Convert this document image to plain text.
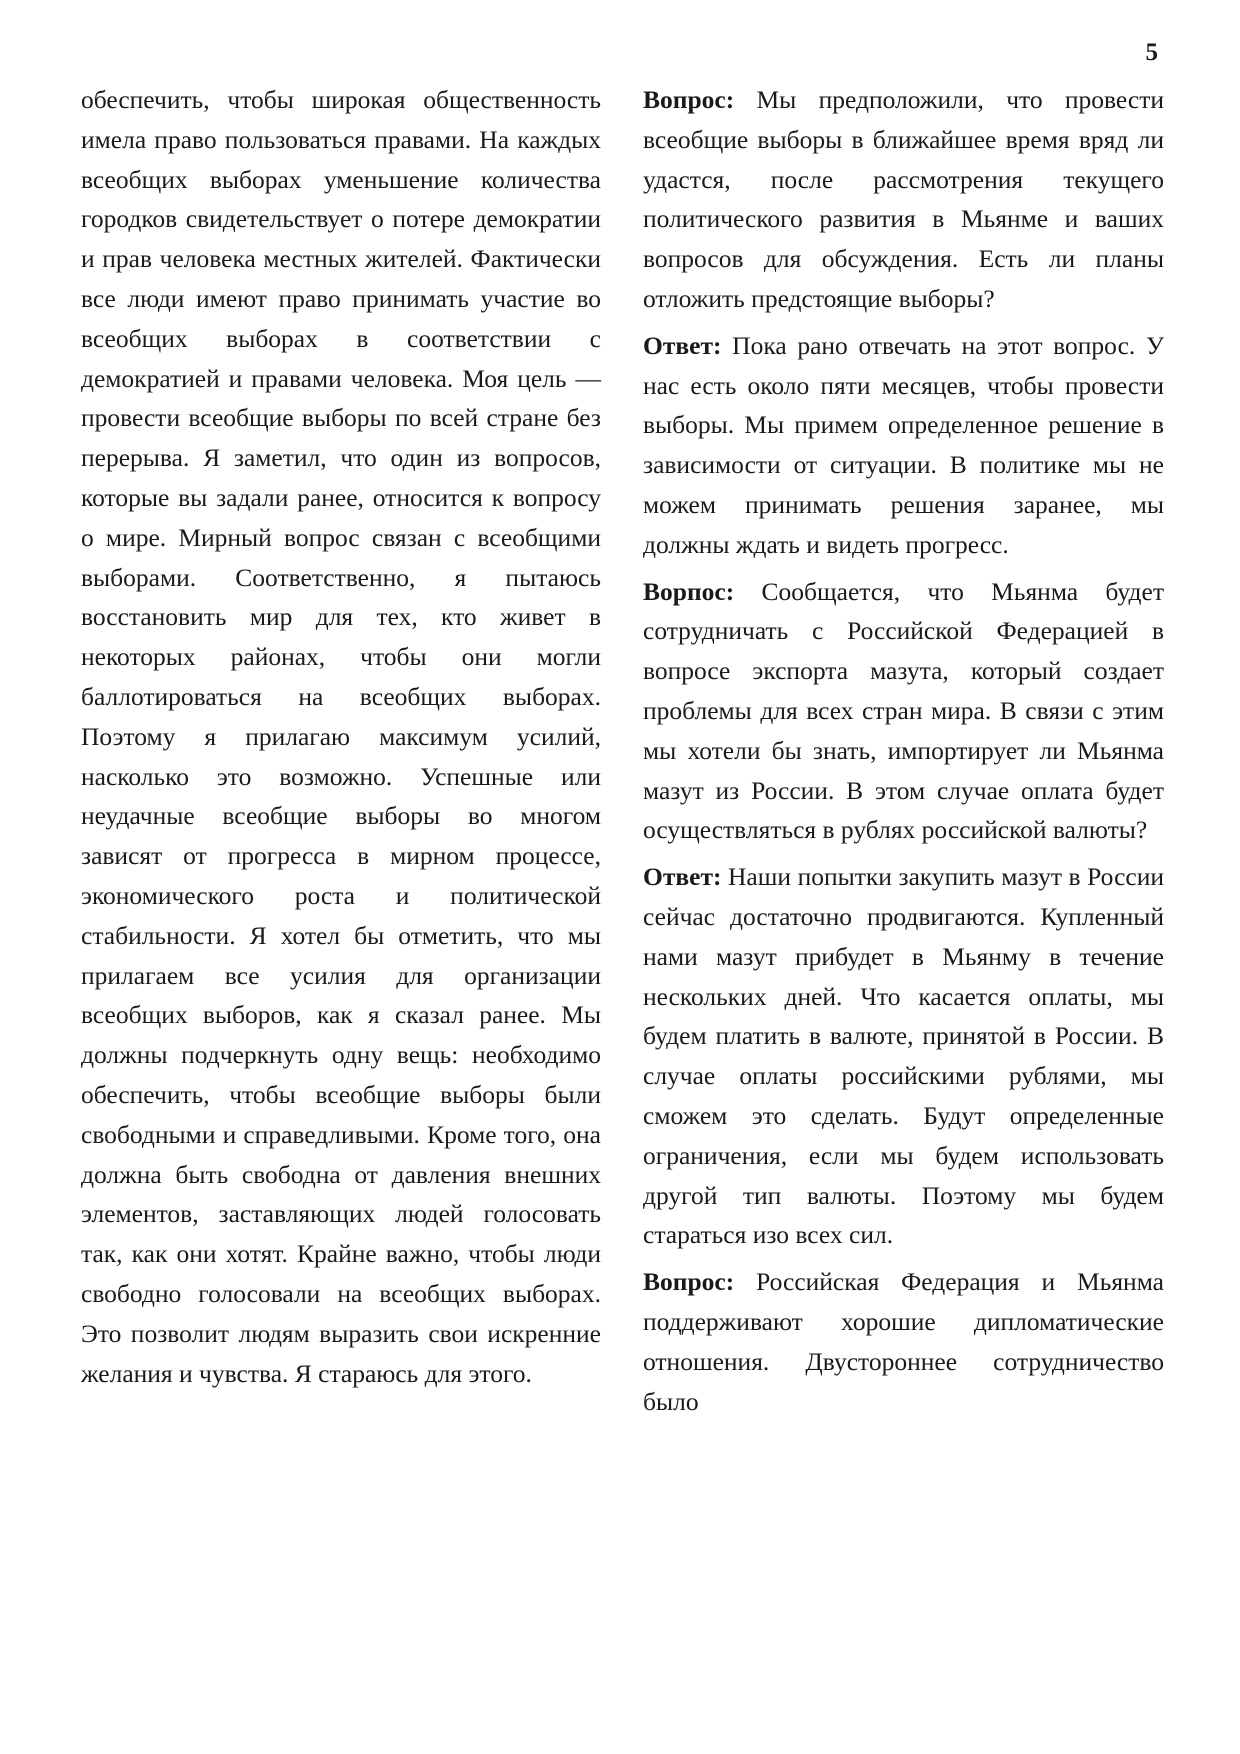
5

обеспечить, чтобы широкая общественность имела право пользоваться правами. На каждых всеобщих выборах уменьшение количества городков свидетельствует о потере демократии и прав человека местных жителей. Фактически все люди имеют право принимать участие во всеобщих выборах в соответствии с демократией и правами человека. Моя цель — провести всеобщие выборы по всей стране без перерыва. Я заметил, что один из вопросов, которые вы задали ранее, относится к вопросу о мире. Мирный вопрос связан с всеобщими выборами. Соответственно, я пытаюсь восстановить мир для тех, кто живет в некоторых районах, чтобы они могли баллотироваться на всеобщих выборах. Поэтому я прилагаю максимум усилий, насколько это возможно. Успешные или неудачные всеобщие выборы во многом зависят от прогресса в мирном процессе, экономического роста и политической стабильности. Я хотел бы отметить, что мы прилагаем все усилия для организации всеобщих выборов, как я сказал ранее. Мы должны подчеркнуть одну вещь: необходимо обеспечить, чтобы всеобщие выборы были свободными и справедливыми. Кроме того, она должна быть свободна от давления внешних элементов, заставляющих людей голосовать так, как они хотят. Крайне важно, чтобы люди свободно голосовали на всеобщих выборах. Это позволит людям выразить свои искренние желания и чувства. Я стараюсь для этого.

Вопрос: Мы предположили, что провести всеобщие выборы в ближайшее время вряд ли удастся, после рассмотрения текущего политического развития в Мьянме и ваших вопросов для обсуждения. Есть ли планы отложить предстоящие выборы?

Ответ: Пока рано отвечать на этот вопрос. У нас есть около пяти месяцев, чтобы провести выборы. Мы примем определенное решение в зависимости от ситуации. В политике мы не можем принимать решения заранее, мы должны ждать и видеть прогресс.

Ворпос: Сообщается, что Мьянма будет сотрудничать с Российской Федерацией в вопросе экспорта мазута, который создает проблемы для всех стран мира. В связи с этим мы хотели бы знать, импортирует ли Мьянма мазут из России. В этом случае оплата будет осуществляться в рублях российской валюты?

Ответ: Наши попытки закупить мазут в России сейчас достаточно продвигаются. Купленный нами мазут прибудет в Мьянму в течение нескольких дней. Что касается оплаты, мы будем платить в валюте, принятой в России. В случае оплаты российскими рублями, мы сможем это сделать. Будут определенные ограничения, если мы будем использовать другой тип валюты. Поэтому мы будем стараться изо всех сил.

Вопрос: Российская Федерация и Мьянма поддерживают хорошие дипломатические отношения. Двустороннее сотрудничество было
